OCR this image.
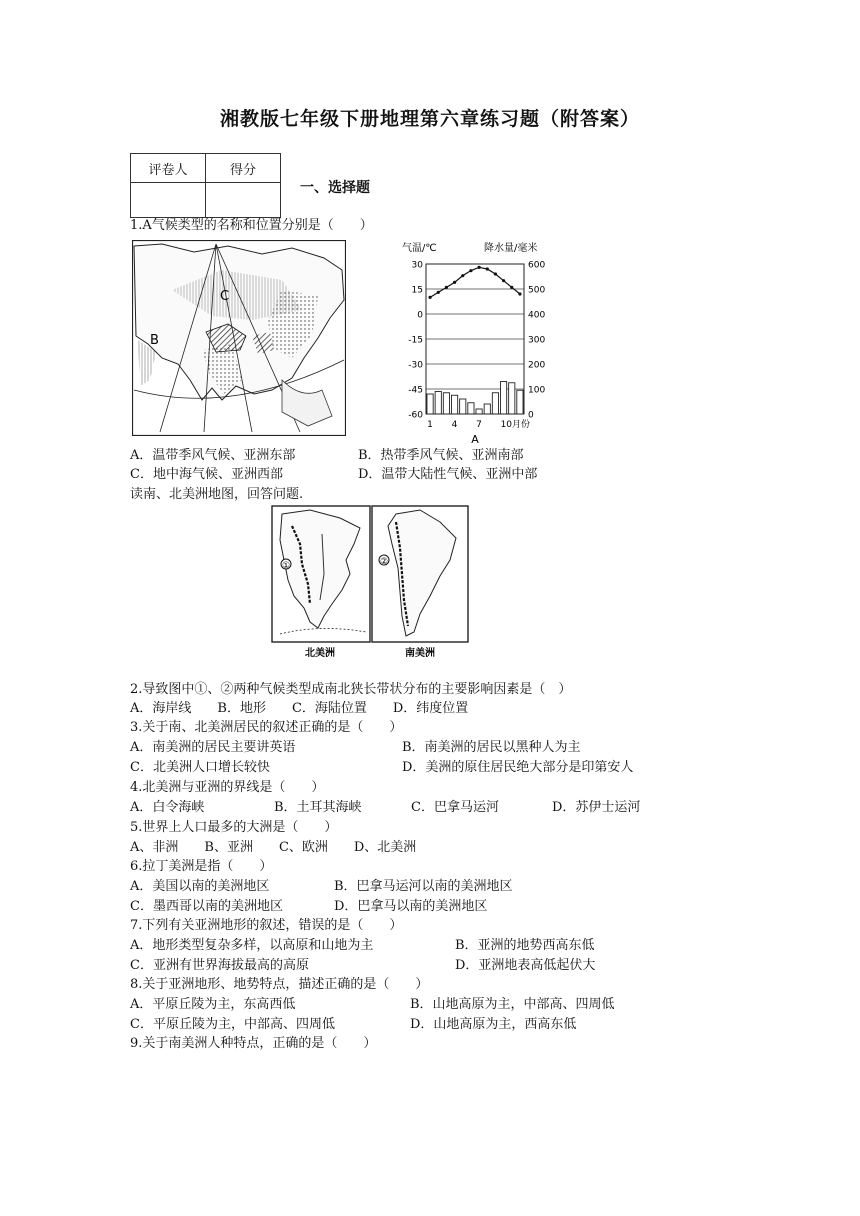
湘教版七年级下册地理第六章练习题（附答案）
评卷人	得分

一、选择题
1.A气候类型的名称和位置分别是（　　）
C
B
气温/℃	降水量/毫米
30
15
0
-15
-30
-45
-60
600
500
400
300
200
100
0
1 4 7 10月份
A
A．温带季风气候、亚洲东部	B．热带季风气候、亚洲南部
C．地中海气候、亚洲西部	D．温带大陆性气候、亚洲中部
读南、北美洲地图，回答问题.
①	②
北美洲	南美洲
2.导致图中①、②两种气候类型成南北狭长带状分布的主要影响因素是（　）
A．海岸线　　B．地形　　C．海陆位置　　D．纬度位置
3.关于南、北美洲居民的叙述正确的是（　　）
A．南美洲的居民主要讲英语	B．南美洲的居民以黑种人为主
C．北美洲人口增长较快	D．美洲的原住居民绝大部分是印第安人
4.北美洲与亚洲的界线是（　　）
A．白令海峡	B．土耳其海峡	C．巴拿马运河	D．苏伊士运河
5.世界上人口最多的大洲是（　　）
A、非洲　　B、亚洲　　C、欧洲　　D、北美洲
6.拉丁美洲是指（　　）
A．美国以南的美洲地区	B．巴拿马运河以南的美洲地区
C．墨西哥以南的美洲地区	D．巴拿马以南的美洲地区
7.下列有关亚洲地形的叙述，错误的是（　　）
A．地形类型复杂多样，以高原和山地为主	B．亚洲的地势西高东低
C．亚洲有世界海拔最高的高原	D．亚洲地表高低起伏大
8.关于亚洲地形、地势特点，描述正确的是（　　）
A．平原丘陵为主，东高西低	B．山地高原为主，中部高、四周低
C．平原丘陵为主，中部高、四周低	D．山地高原为主，西高东低
9.关于南美洲人种特点，正确的是（　　）
